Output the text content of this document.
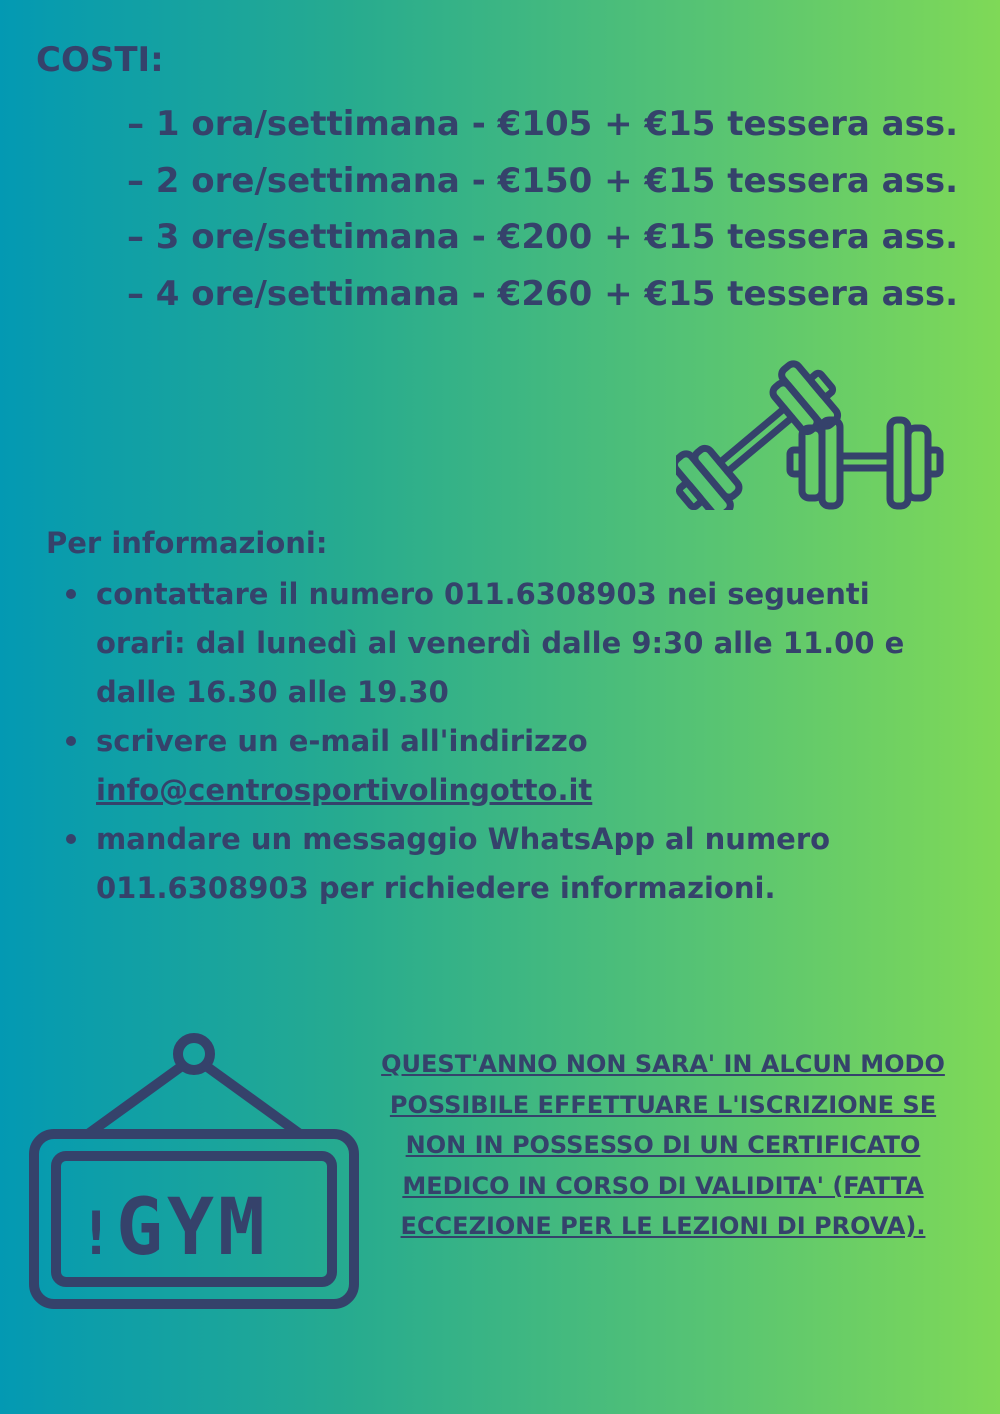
COSTI:
– 1 ora/settimana - €105 + €15 tessera ass.
– 2 ore/settimana - €150 + €15 tessera ass.
– 3 ore/settimana - €200 + €15 tessera ass.
– 4 ore/settimana - €260 + €15 tessera ass.
Per informazioni:
contattare il numero 011.6308903 nei seguenti orari: dal lunedì al venerdì dalle 9:30 alle 11.00 e dalle 16.30 alle 19.30
scrivere un e-mail all'indirizzo
info@centrosportivolingotto.it
mandare un messaggio WhatsApp al numero 011.6308903 per richiedere informazioni.
! GYM

QUEST'ANNO NON SARA' IN ALCUN MODO POSSIBILE EFFETTUARE L'ISCRIZIONE SE NON IN POSSESSO DI UN CERTIFICATO MEDICO IN CORSO DI VALIDITA' (FATTA ECCEZIONE PER LE LEZIONI DI PROVA).
